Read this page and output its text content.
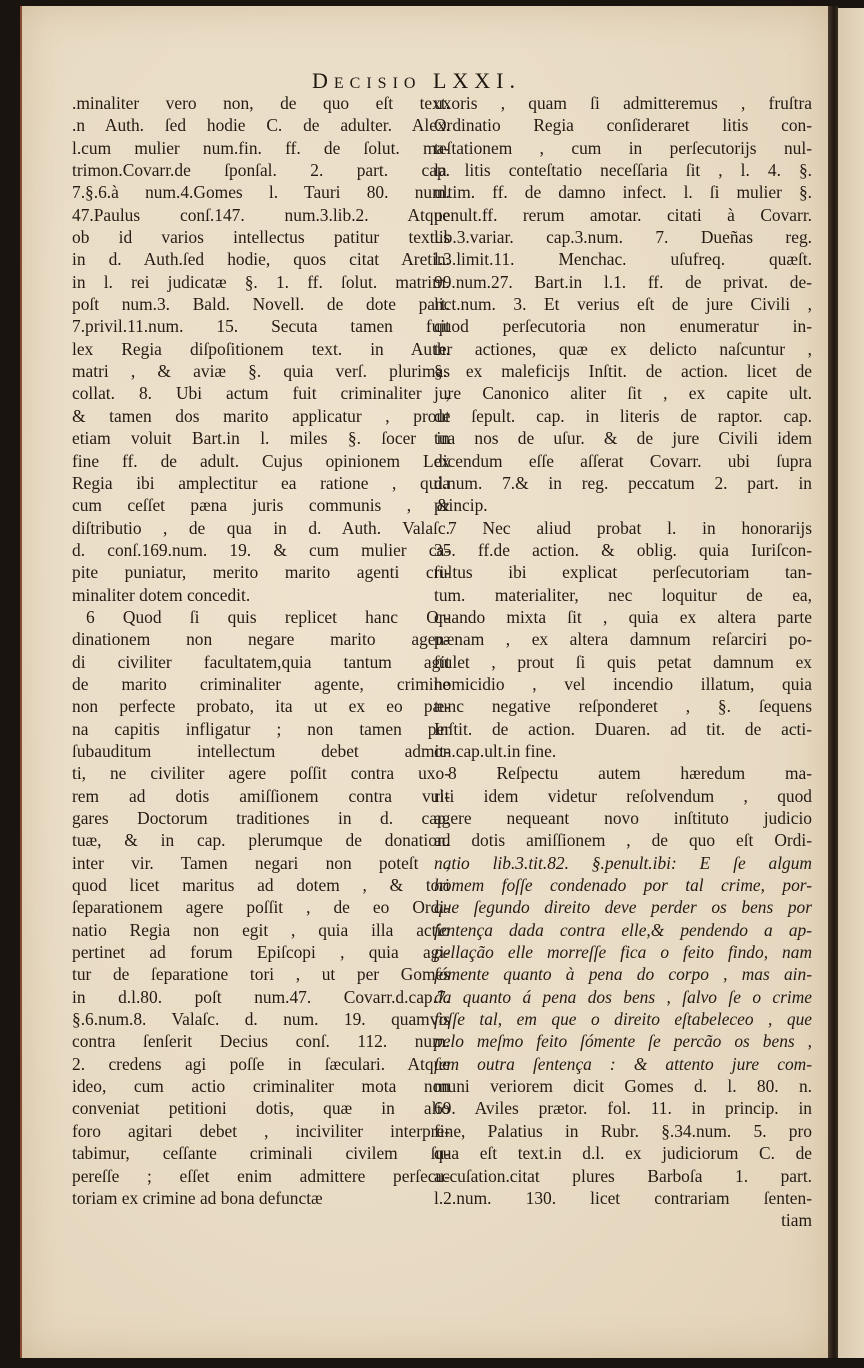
DECISIO LXXI.
.minaliter vero non, de quo eſt text.
.n Auth. ſed hodie C. de adulter. Alex.
l.cum mulier num.fin. ff. de ſolut. ma-
trimon.Covarr.de ſponſal. 2. part. cap.
7.§.6.à num.4.Gomes l. Tauri 80. num.
47.Paulus conſ.147. num.3.lib.2. Atque
ob id varios intellectus patitur textus
in d. Auth.ſed hodie, quos citat Aretin.
in l. rei judicatæ §. 1. ff. ſolut. matrim.
poſt num.3. Bald. Novell. de dote part.
7.privil.11.num. 15. Secuta tamen fuit
lex Regia diſpoſitionem text. in Auth.
matri , & aviæ §. quia verſ. plurimas
collat. 8. Ubi actum fuit criminaliter ,
& tamen dos marito applicatur , prout
etiam voluit Bart.in l. miles §. ſocer in
fine ff. de adult. Cujus opinionem Lex
Regia ibi amplectitur ea ratione , quia
cum ceſſet pæna juris communis , &
diſtributio , de qua in d. Auth. Valaſc.
d. conſ.169.num. 19. & cum mulier ca-
pite puniatur, merito marito agenti cri-
minaliter dotem concedit.
6 Quod ſi quis replicet hanc Or-
dinationem non negare marito agen-
di civiliter facultatem,quia tantum agit
de marito criminaliter agente, crimine
non perfecte probato, ita ut ex eo pæ-
na capitis infligatur ; non tamen per
ſubauditum intellectum debet admit-
ti, ne civiliter agere poſſit contra uxo-
rem ad dotis amiſſionem contra vul-
gares Doctorum traditiones in d. cap.
tuæ, & in cap. plerumque de donation.
inter vir. Tamen negari non poteſt ,
quod licet maritus ad dotem , & tori
ſeparationem agere poſſit , de eo Ordi-
natio Regia non egit , quia illa actio
pertinet ad forum Epiſcopi , quia agi-
tur de ſeparatione tori , ut per Gomes
in d.l.80. poſt num.47. Covarr.d.cap.7.
§.6.num.8. Valaſc. d. num. 19. quamvis
contra ſenſerit Decius conſ. 112. num.
2. credens agi poſſe in ſæculari. Atque
ideo, cum actio criminaliter mota non
conveniat petitioni dotis, quæ in alio
foro agitari debet , inciviliter interpre-
tabimur, ceſſante criminali civilem ſu-
pereſſe ; eſſet enim admittere perſecu-
toriam ex crimine ad bona defunctæ
uxoris , quam ſi admitteremus , fruſtra
Ordinatio Regia conſideraret litis con-
teſtationem , cum in perſecutorijs nul-
la litis conteſtatio neceſſaria ſit , l. 4. §.
ultim. ff. de damno infect. l. ſi mulier §.
penult.ff. rerum amotar. citati à Covarr.
lib.3.variar. cap.3.num. 7. Dueñas reg.
l.3.limit.11. Menchac. uſufreq. quæſt.
99.num.27. Bart.in l.1. ff. de privat. de-
lict.num. 3. Et verius eſt de jure Civili ,
quod perſecutoria non enumeratur in-
ter actiones, quæ ex delicto naſcuntur ,
§. ex maleficijs Inſtit. de action. licet de
jure Canonico aliter ſit , ex capite ult.
de ſepult. cap. in literis de raptor. cap.
tua nos de uſur. & de jure Civili idem
dicendum eſſe aſſerat Covarr. ubi ſupra
d.num. 7.& in reg. peccatum 2. part. in
princip.
7 Nec aliud probat l. in honorarijs
35. ff.de action. & oblig. quia Iuriſcon-
ſultus ibi explicat perſecutoriam tan-
tum. materialiter, nec loquitur de ea,
quando mixta ſit , quia ex altera parte
pænam , ex altera damnum reſarciri po-
ſtulet , prout ſi quis petat damnum ex
homicidio , vel incendio illatum, quia
tunc negative reſponderet , §. ſequens
Inſtit. de action. Duaren. ad tit. de acti-
on.cap.ult.in fine.
8 Reſpectu autem hæredum ma-
riti idem videtur reſolvendum , quod
agere nequeant novo inſtituto judicio
ad dotis amiſſionem , de quo eſt Ordi-
natio lib.3.tit.82. §.penult.ibi: E ſe algum
homem foſſe condenado por tal crime, por-
que ſegundo direito deve perder os bens por
ſentença dada contra elle,& pendendo a ap-
pellação elle morreſſe fica o feito findo, nam
ſómente quanto à pena do corpo , mas ain-
da quanto á pena dos bens , ſalvo ſe o crime
foſſe tal, em que o direito eſtabeleceo , que
pelo meſmo feito ſómente ſe percão os bens ,
ſem outra ſentença : & attento jure com-
muni veriorem dicit Gomes d. l. 80. n.
69. Aviles prætor. fol. 11. in princip. in
fine, Palatius in Rubr. §.34.num. 5. pro
qua eſt text.in d.l. ex judiciorum C. de
accuſation.citat plures Barboſa 1. part.
l.2.num. 130. licet contrariam ſenten-
tiam
